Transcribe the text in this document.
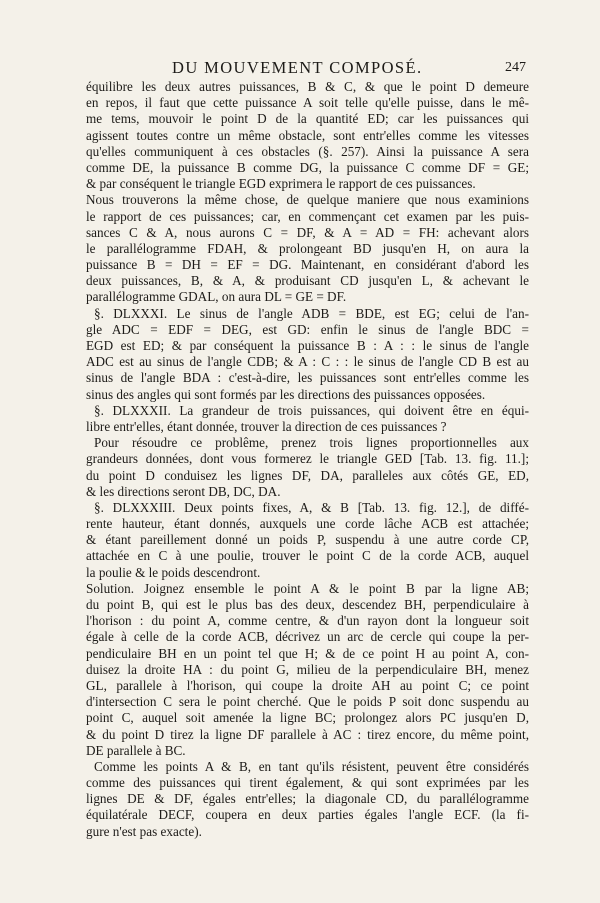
DU MOUVEMENT COMPOSÉ.	247
équilibre les deux autres puissances, B & C, & que le point D demeure
en repos, il faut que cette puissance A soit telle qu'elle puisse, dans le mê-
me tems, mouvoir le point D de la quantité ED; car les puissances qui
agissent toutes contre un même obstacle, sont entr'elles comme les vitesses
qu'elles communiquent à ces obstacles (§. 257). Ainsi la puissance A sera
comme DE, la puissance B comme DG, la puissance C comme DF = GE;
& par conséquent le triangle EGD exprimera le rapport de ces puissances.
Nous trouverons la même chose, de quelque maniere que nous examinions
le rapport de ces puissances; car, en commençant cet examen par les puis-
sances C & A, nous aurons C = DF, & A = AD = FH: achevant alors
le parallélogramme FDAH, & prolongeant BD jusqu'en H, on aura la
puissance B = DH = EF = DG. Maintenant, en considérant d'abord les
deux puissances, B, & A, & produisant CD jusqu'en L, & achevant le
parallélogramme GDAL, on aura DL = GE = DF.
§. DLXXXI. Le sinus de l'angle ADB = BDE, est EG; celui de l'an-
gle ADC = EDF = DEG, est GD: enfin le sinus de l'angle BDC =
EGD est ED; & par conséquent la puissance B : A : : le sinus de l'angle
ADC est au sinus de l'angle CDB; & A : C : : le sinus de l'angle CD B est au
sinus de l'angle BDA : c'est-à-dire, les puissances sont entr'elles comme les
sinus des angles qui sont formés par les directions des puissances opposées.
§. DLXXXII. La grandeur de trois puissances, qui doivent être en équi-
libre entr'elles, étant donnée, trouver la direction de ces puissances ?
Pour résoudre ce problême, prenez trois lignes proportionnelles aux
grandeurs données, dont vous formerez le triangle GED [Tab. 13. fig. 11.];
du point D conduisez les lignes DF, DA, paralleles aux côtés GE, ED,
& les directions seront DB, DC, DA.
§. DLXXXIII. Deux points fixes, A, & B [Tab. 13. fig. 12.], de diffé-
rente hauteur, étant donnés, auxquels une corde lâche ACB est attachée;
& étant pareillement donné un poids P, suspendu à une autre corde CP,
attachée en C à une poulie, trouver le point C de la corde ACB, auquel
la poulie & le poids descendront.
Solution. Joignez ensemble le point A & le point B par la ligne AB;
du point B, qui est le plus bas des deux, descendez BH, perpendiculaire à
l'horison : du point A, comme centre, & d'un rayon dont la longueur soit
égale à celle de la corde ACB, décrivez un arc de cercle qui coupe la per-
pendiculaire BH en un point tel que H; & de ce point H au point A, con-
duisez la droite HA : du point G, milieu de la perpendiculaire BH, menez
GL, parallele à l'horison, qui coupe la droite AH au point C; ce point
d'intersection C sera le point cherché. Que le poids P soit donc suspendu au
point C, auquel soit amenée la ligne BC; prolongez alors PC jusqu'en D,
& du point D tirez la ligne DF parallele à AC : tirez encore, du même point,
DE parallele à BC.
Comme les points A & B, en tant qu'ils résistent, peuvent être considérés
comme des puissances qui tirent également, & qui sont exprimées par les
lignes DE & DF, égales entr'elles; la diagonale CD, du parallélogramme
équilatérale DECF, coupera en deux parties égales l'angle ECF. (la fi-
gure n'est pas exacte).
